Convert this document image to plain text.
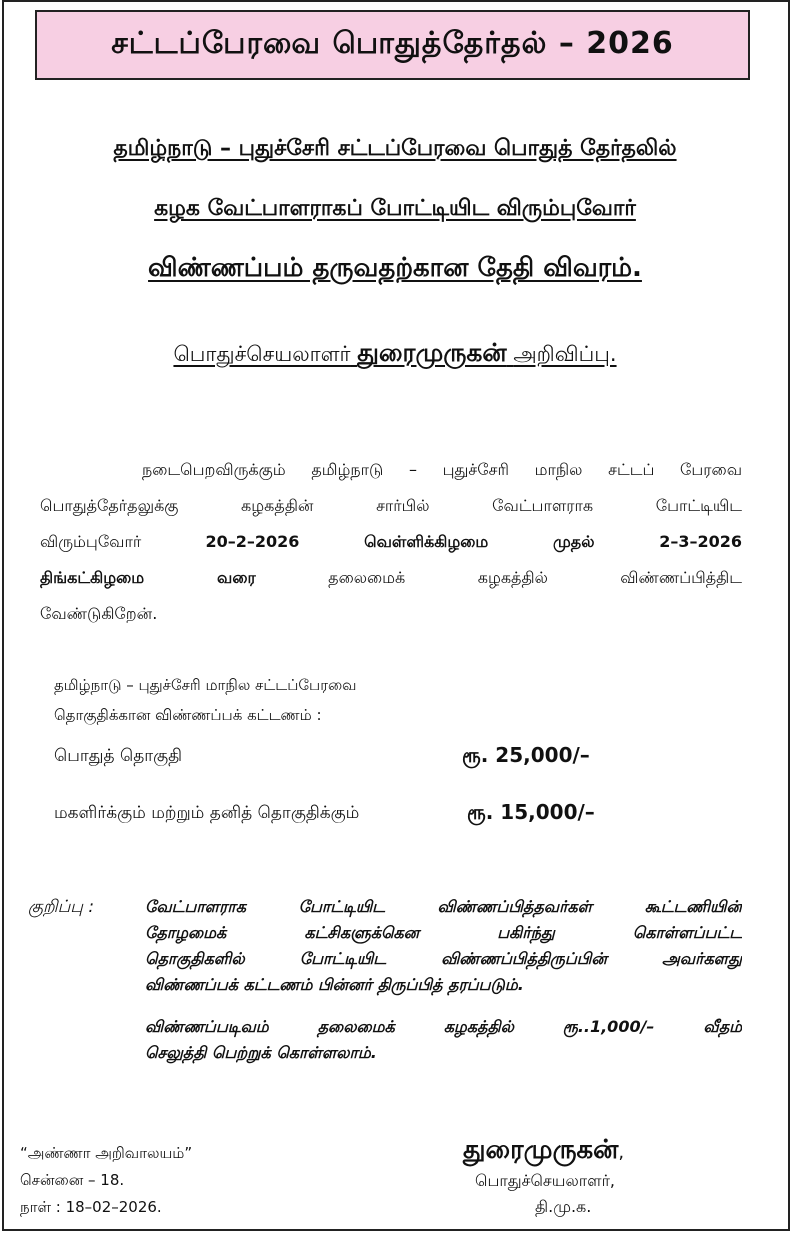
சட்டப்பேரவை பொதுத்தேர்தல் – 2026
தமிழ்நாடு – புதுச்சேரி சட்டப்பேரவை பொதுத் தேர்தலில்
கழக வேட்பாளராகப் போட்டியிட விரும்புவோர்
விண்ணப்பம் தருவதற்கான தேதி விவரம்.
பொதுச்செயலாளர் துரைமுருகன் அறிவிப்பு.
நடைபெறவிருக்கும் தமிழ்நாடு – புதுச்சேரி மாநில சட்டப் பேரவை
பொதுத்தேர்தலுக்கு கழகத்தின் சார்பில் வேட்பாளராக போட்டியிட
விரும்புவோர்	20–2–2026 வெள்ளிக்கிழமை முதல் 2–3–2026
திங்கட்கிழமை வரை	தலைமைக் கழகத்தில் விண்ணப்பித்திட
வேண்டுகிறேன்.
தமிழ்நாடு – புதுச்சேரி மாநில சட்டப்பேரவை
தொகுதிக்கான விண்ணப்பக் கட்டணம் :
பொதுத் தொகுதி	ரூ. 25,000/–
மகளிர்க்கும் மற்றும் தனித் தொகுதிக்கும்	ரூ. 15,000/–
குறிப்பு :	வேட்பாளராக போட்டியிட விண்ணப்பித்தவர்கள் கூட்டணியின்
தோழமைக் கட்சிகளுக்கென பகிர்ந்து கொள்ளப்பட்ட
தொகுதிகளில் போட்டியிட விண்ணப்பித்திருப்பின் அவர்களது
விண்ணப்பக் கட்டணம் பின்னர் திருப்பித் தரப்படும்.
விண்ணப்படிவம் தலைமைக் கழகத்தில் ரூ..1,000/– வீதம்
செலுத்தி பெற்றுக் கொள்ளலாம்.
“அண்ணா அறிவாலயம்”
சென்னை – 18.
நாள் : 18–02–2026.
துரைமுருகன்,
பொதுச்செயலாளர்,
தி.மு.க.
